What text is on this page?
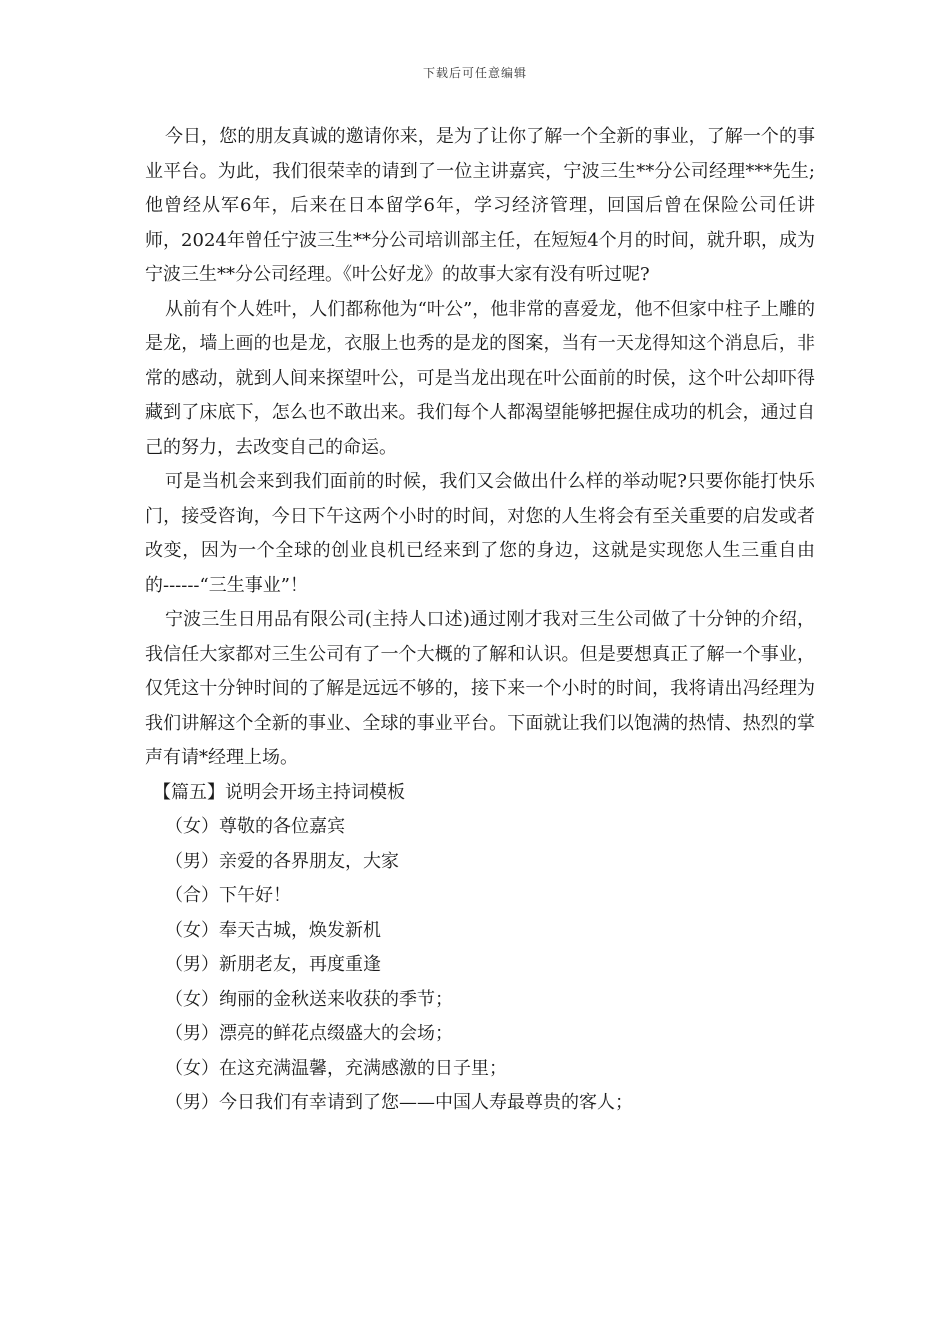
下载后可任意编辑

今日，您的朋友真诚的邀请你来，是为了让你了解一个全新的事业，了解一个的事业平台。为此，我们很荣幸的请到了一位主讲嘉宾，宁波三生**分公司经理***先生;他曾经从军6年，后来在日本留学6年，学习经济管理，回国后曾在保险公司任讲师，2024年曾任宁波三生**分公司培训部主任，在短短4个月的时间，就升职，成为宁波三生**分公司经理。《叶公好龙》的故事大家有没有听过呢?

从前有个人姓叶，人们都称他为“叶公”，他非常的喜爱龙，他不但家中柱子上雕的是龙，墙上画的也是龙，衣服上也秀的是龙的图案，当有一天龙得知这个消息后，非常的感动，就到人间来探望叶公，可是当龙出现在叶公面前的时侯，这个叶公却吓得藏到了床底下，怎么也不敢出来。我们每个人都渴望能够把握住成功的机会，通过自己的努力，去改变自己的命运。

可是当机会来到我们面前的时候，我们又会做出什么样的举动呢?只要你能打快乐门，接受咨询，今日下午这两个小时的时间，对您的人生将会有至关重要的启发或者改变，因为一个全球的创业良机已经来到了您的身边，这就是实现您人生三重自由的------“三生事业”！

宁波三生日用品有限公司(主持人口述)通过刚才我对三生公司做了十分钟的介绍，我信任大家都对三生公司有了一个大概的了解和认识。但是要想真正了解一个事业，仅凭这十分钟时间的了解是远远不够的，接下来一个小时的时间，我将请出冯经理为我们讲解这个全新的事业、全球的事业平台。下面就让我们以饱满的热情、热烈的掌声有请*经理上场。

【篇五】说明会开场主持词模板

（女）尊敬的各位嘉宾

（男）亲爱的各界朋友，大家

（合）下午好！

（女）奉天古城，焕发新机

（男）新朋老友，再度重逢

（女）绚丽的金秋送来收获的季节；

（男）漂亮的鲜花点缀盛大的会场；

（女）在这充满温馨，充满感激的日子里；

（男）今日我们有幸请到了您——中国人寿最尊贵的客人；
